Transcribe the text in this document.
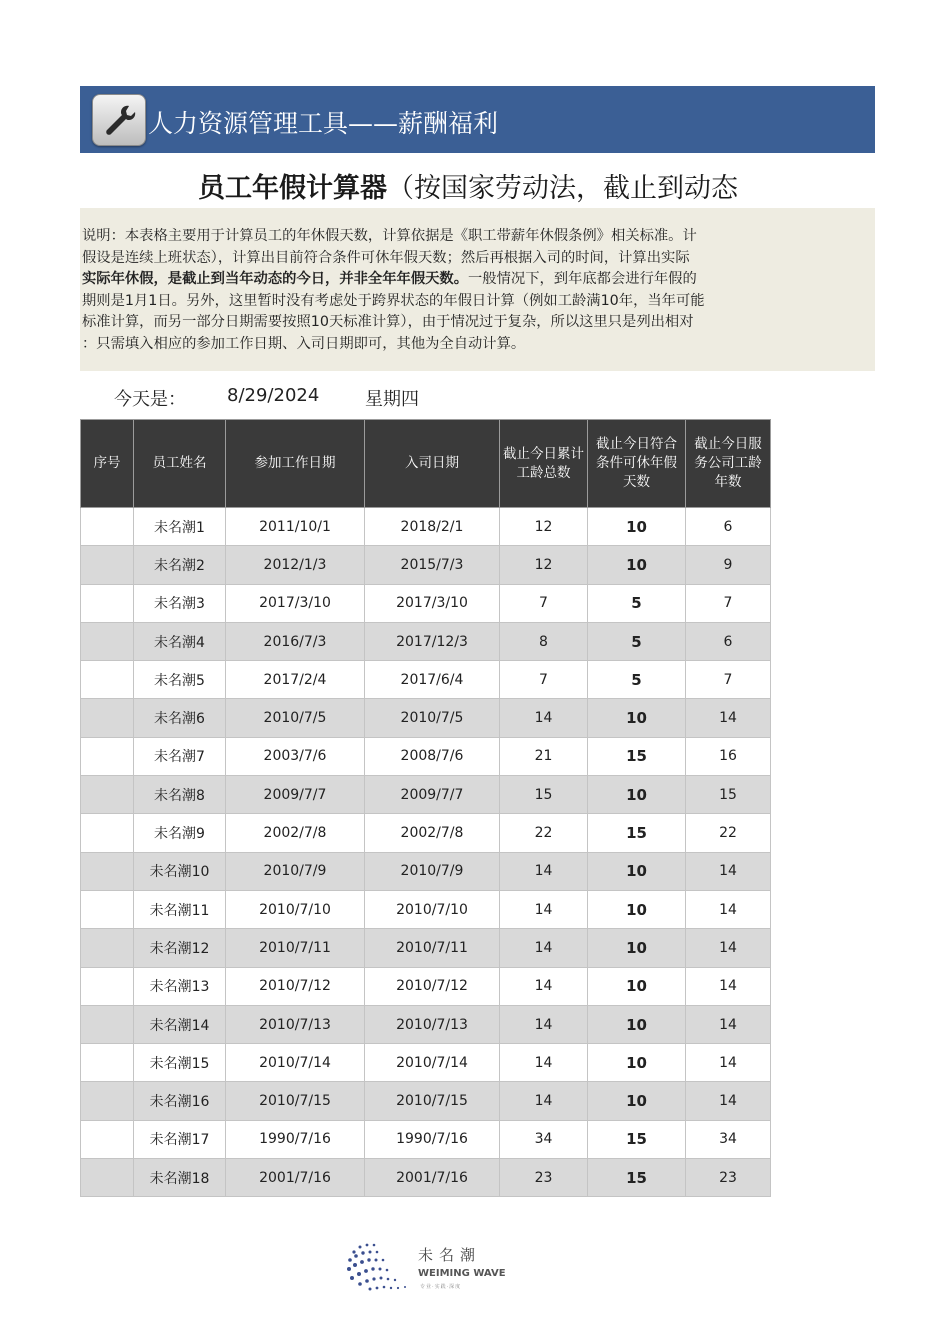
人力资源管理工具——薪酬福利
员工年假计算器（按国家劳动法，截止到动态
说明：本表格主要用于计算员工的年休假天数，计算依据是《职工带薪年休假条例》相关标准。计
假设是连续上班状态），计算出目前符合条件可休年假天数；然后再根据入司的时间，计算出实际
实际年休假，是截止到当年动态的今日，并非全年年假天数。一般情况下，到年底都会进行年假的
期则是1月1日。另外，这里暂时没有考虑处于跨界状态的年假日计算（例如工龄满10年，当年可能
标准计算，而另一部分日期需要按照10天标准计算），由于情况过于复杂，所以这里只是列出相对
：只需填入相应的参加工作日期、入司日期即可，其他为全自动计算。
今天是： 8/29/2024	星期四
序号	员工姓名	参加工作日期	入司日期	截止今日累计工龄总数	截止今日符合条件可休年假天数	截止今日服务公司工龄年数
	未名潮1	2011/10/1	2018/2/1	12	10	6
	未名潮2	2012/1/3	2015/7/3	12	10	9
	未名潮3	2017/3/10	2017/3/10	7	5	7
	未名潮4	2016/7/3	2017/12/3	8	5	6
	未名潮5	2017/2/4	2017/6/4	7	5	7
	未名潮6	2010/7/5	2010/7/5	14	10	14
	未名潮7	2003/7/6	2008/7/6	21	15	16
	未名潮8	2009/7/7	2009/7/7	15	10	15
	未名潮9	2002/7/8	2002/7/8	22	15	22
	未名潮10	2010/7/9	2010/7/9	14	10	14
	未名潮11	2010/7/10	2010/7/10	14	10	14
	未名潮12	2010/7/11	2010/7/11	14	10	14
	未名潮13	2010/7/12	2010/7/12	14	10	14
	未名潮14	2010/7/13	2010/7/13	14	10	14
	未名潮15	2010/7/14	2010/7/14	14	10	14
	未名潮16	2010/7/15	2010/7/15	14	10	14
	未名潮17	1990/7/16	1990/7/16	34	15	34
	未名潮18	2001/7/16	2001/7/16	23	15	23
未名潮
WEIMING WAVE
专业·实践·深度
